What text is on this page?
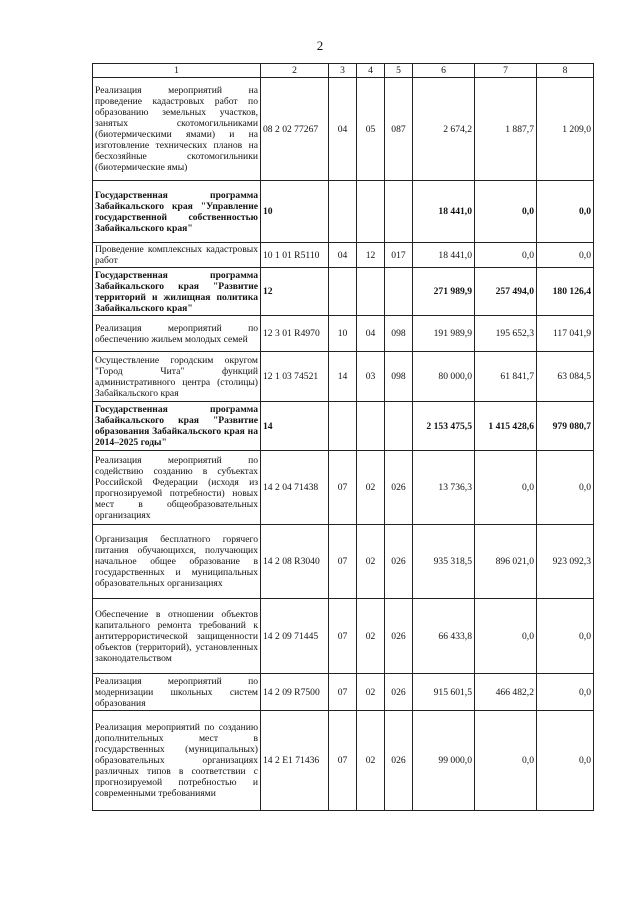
2
1	2	3	4	5	6	7	8
Реализация мероприятий на проведение кадастровых работ по образованию земельных участков, занятых скотомогильниками (биотермическими ямами) и на изготовление технических планов на бесхозяйные скотомогильники (биотермические ямы)	08 2 02 77267	04	05	087	2 674,2	1 887,7	1 209,0
Государственная программа Забайкальского края "Управление государственной собственностью Забайкальского края"	10				18 441,0	0,0	0,0
Проведение комплексных кадастровых работ	10 1 01 R5110	04	12	017	18 441,0	0,0	0,0
Государственная программа Забайкальского края "Развитие территорий и жилищная политика Забайкальского края"	12				271 989,9	257 494,0	180 126,4
Реализация мероприятий по обеспечению жильем молодых семей	12 3 01 R4970	10	04	098	191 989,9	195 652,3	117 041,9
Осуществление городским округом "Город Чита" функций административного центра (столицы) Забайкальского края	12 1 03 74521	14	03	098	80 000,0	61 841,7	63 084,5
Государственная программа Забайкальского края "Развитие образования Забайкальского края на 2014–2025 годы"	14				2 153 475,5	1 415 428,6	979 080,7
Реализация мероприятий по содействию созданию в субъектах Российской Федерации (исходя из прогнозируемой потребности) новых мест в общеобразовательных организациях	14 2 04 71438	07	02	026	13 736,3	0,0	0,0
Организация бесплатного горячего питания обучающихся, получающих начальное общее образование в государственных и муниципальных образовательных организациях	14 2 08 R3040	07	02	026	935 318,5	896 021,0	923 092,3
Обеспечение в отношении объектов капитального ремонта требований к антитеррористической защищенности объектов (территорий), установленных законодательством	14 2 09 71445	07	02	026	66 433,8	0,0	0,0
Реализация мероприятий по модернизации школьных систем образования	14 2 09 R7500	07	02	026	915 601,5	466 482,2	0,0
Реализация мероприятий по созданию дополнительных мест в государственных (муниципальных) образовательных организациях различных типов в соответствии с прогнозируемой потребностью и современными требованиями	14 2 Е1 71436	07	02	026	99 000,0	0,0	0,0
